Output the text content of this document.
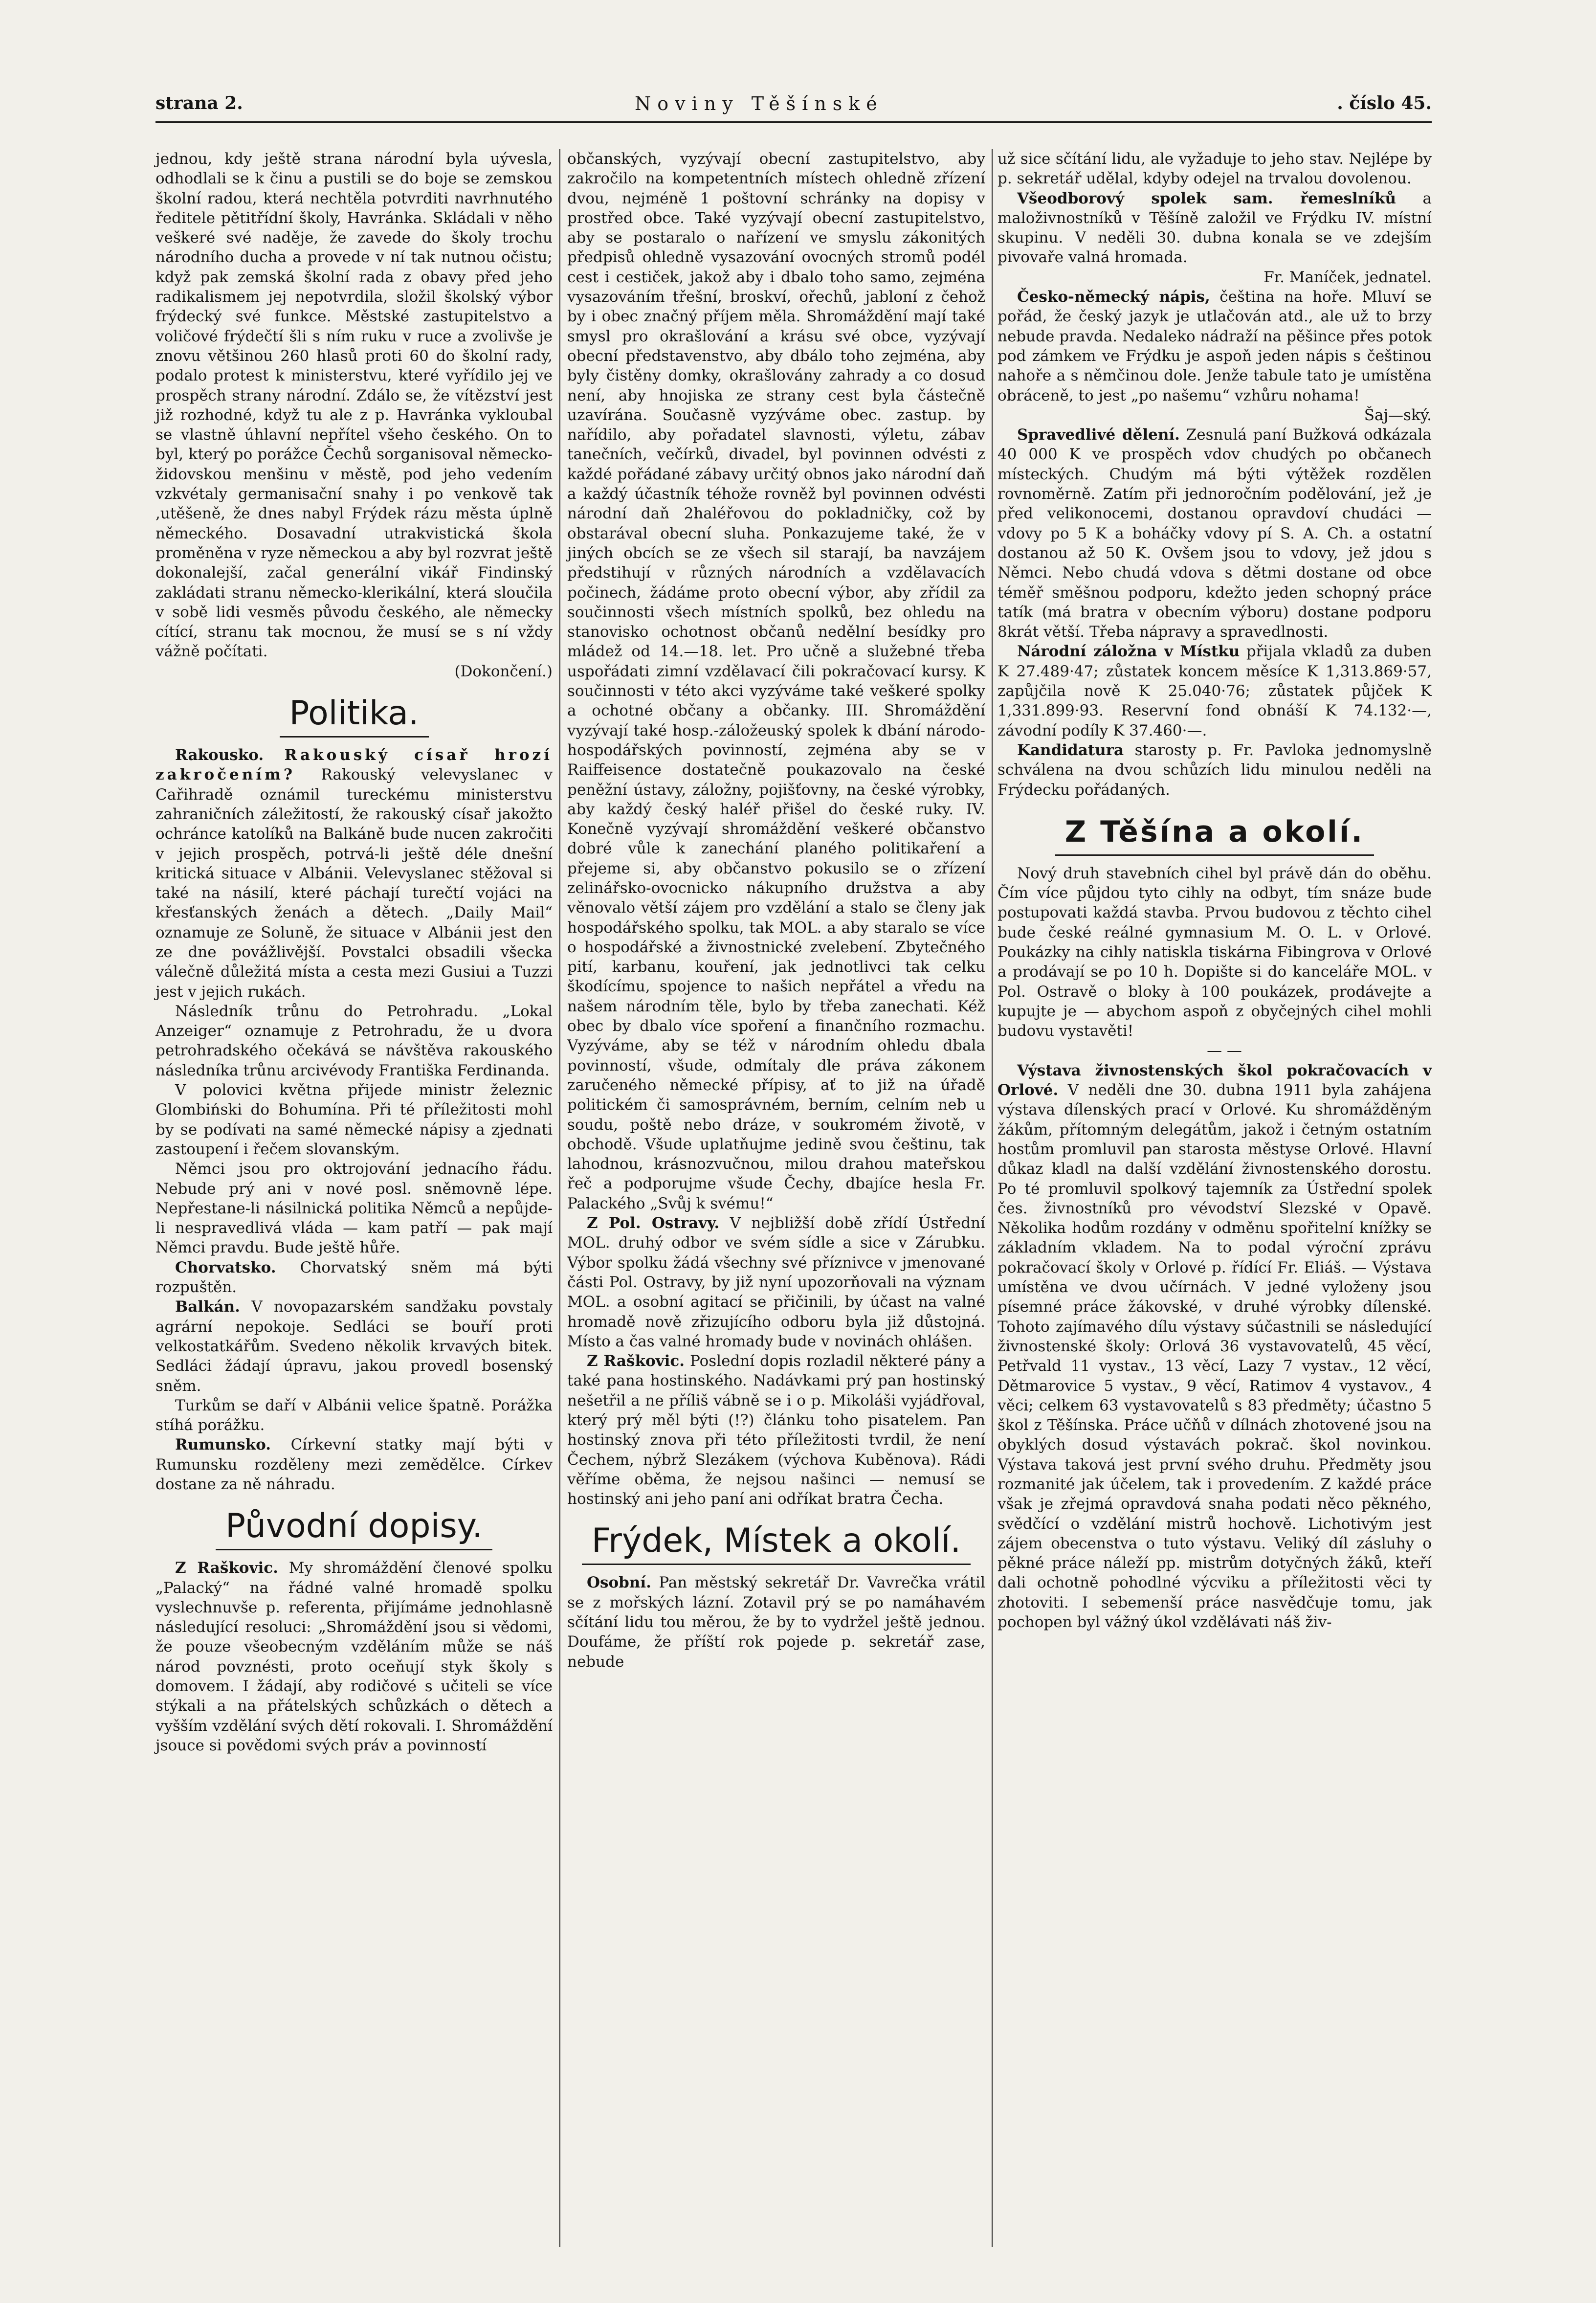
strana 2.	Noviny Těšínské	. číslo 45.

jednou, kdy ještě strana národní byla uývesla, odhodlali se k činu a pustili se do boje se zemskou školní radou, která nechtěla potvrditi navrhnutého ředitele pětitřídní školy, Havránka. Skládali v něho veškeré své naděje, že zavede do školy trochu národního ducha a provede v ní tak nutnou očistu; když pak zemská školní rada z obavy před jeho radikalismem jej nepotvrdila, složil školský výbor frýdecký své funkce. Městské zastupitelstvo a voličové frýdečtí šli s ním ruku v ruce a zvolivše je znovu většinou 260 hlasů proti 60 do školní rady, podalo protest k ministerstvu, které vyřídilo jej ve prospěch strany národní. Zdálo se, že vítězství jest již rozhodné, když tu ale z p. Havránka vykloubal se vlastně úhlavní nepřítel všeho českého. On to byl, který po porážce Čechů sorganisoval německo-židovskou menšinu v městě, pod jeho vedením vzkvétaly germanisační snahy i po venkově tak ,utěšeně, že dnes nabyl Frýdek rázu města úplně německého. Dosavadní utrakvistická škola proměněna v ryze německou a aby byl rozvrat ještě dokonalejší, začal generální vikář Findinský zakládati stranu německo-klerikální, která sloučila v sobě lidi vesměs původu českého, ale německy cítící, stranu tak mocnou, že musí se s ní vždy vážně počítati.

(Dokončení.)
Politika.

Rakousko. Rakouský císař hrozí zakročením? Rakouský velevyslanec v Cařihradě oznámil tureckému ministerstvu zahraničních záležitostí, že rakouský císař jakožto ochránce katolíků na Balkáně bude nucen zakročiti v jejich prospěch, potrvá-li ještě déle dnešní kritická situace v Albánii. Velevyslanec stěžoval si také na násilí, které páchají turečtí vojáci na křesťanských ženách a dětech. „Daily Mail“ oznamuje ze Soluně, že situace v Albánii jest den ze dne povážlivější. Povstalci obsadili všecka válečně důležitá místa a cesta mezi Gusiui a Tuzzi jest v jejich rukách.

Následník trůnu do Petrohradu. „Lokal Anzeiger“ oznamuje z Petrohradu, že u dvora petrohradského očekává se návštěva rakouského následníka trůnu arcivévody Františka Ferdinanda.

V polovici května přijede ministr železnic Glombiński do Bohumína. Při té příležitosti mohl by se podívati na samé německé nápisy a zjednati zastoupení i řečem slovanským.

Němci jsou pro oktrojování jednacího řádu. Nebude prý ani v nové posl. sněmovně lépe. Nepřestane-li násilnická politika Němců a nepůjde-li nespravedlivá vláda — kam patří — pak mají Němci pravdu. Bude ještě hůře.

Chorvatsko. Chorvatský sněm má býti rozpuštěn.

Balkán. V novopazarském sandžaku povstaly agrární nepokoje. Sedláci se bouří proti velkostatkářům. Svedeno několik krvavých bitek. Sedláci žádají úpravu, jakou provedl bosenský sněm.

Turkům se daří v Albánii velice špatně. Porážka stíhá porážku.

Rumunsko. Církevní statky mají býti v Rumunsku rozděleny mezi zemědělce. Církev dostane za ně náhradu.

Původní dopisy.

Z Raškovic. My shromáždění členové spolku „Palacký“ na řádné valné hromadě spolku vyslechnuvše p. referenta, přijímáme jednohlasně následující resoluci: „Shromáždění jsou si vědomi, že pouze všeobecným vzděláním může se náš národ povznésti, proto oceňují styk školy s domovem. I žádají, aby rodičové s učiteli se více stýkali a na přátelských schůzkách o dětech a vyšším vzdělání svých dětí rokovali. I. Shromáždění jsouce si povědomi svých práv a povinností

občanských, vyzývají obecní zastupitelstvo, aby zakročilo na kompetentních místech ohledně zřízení dvou, nejméně 1 poštovní schránky na dopisy v prostřed obce. Také vyzývají obecní zastupitelstvo, aby se postaralo o nařízení ve smyslu zákonitých předpisů ohledně vysazování ovocných stromů podél cest i cestiček, jakož aby i dbalo toho samo, zejména vysazováním třešní, broskví, ořechů, jabloní z čehož by i obec značný příjem měla. Shromáždění mají také smysl pro okrašlování a krásu své obce, vyzývají obecní představenstvo, aby dbálo toho zejména, aby byly čistěny domky, okrašlovány zahrady a co dosud není, aby hnojiska ze strany cest byla částečně uzavírána. Současně vyzýváme obec. zastup. by nařídilo, aby pořadatel slavnosti, výletu, zábav tanečních, večírků, divadel, byl povinnen odvésti z každé pořádané zábavy určitý obnos jako národní daň a každý účastník téhože rovněž byl povinnen odvésti národní daň 2haléřovou do pokladničky, což by obstarával obecní sluha. Ponkazujeme také, že v jiných obcích se ze všech sil starají, ba navzájem předstihují v různých národních a vzdělavacích počinech, žádáme proto obecní výbor, aby zřídil za součinnosti všech místních spolků, bez ohledu na stanovisko ochotnost občanů nedělní besídky pro mládež od 14.—18. let. Pro učně a služebné třeba uspořádati zimní vzdělavací čili pokračovací kursy. K součinnosti v této akci vyzýváme také veškeré spolky a ochotné občany a občanky. III. Shromáždění vyzývají také hosp.-záložeuský spolek k dbání národo-hospodářských povinností, zejména aby se v Raiffeisence dostatečně poukazovalo na české peněžní ústavy, záložny, pojišťovny, na české výrobky, aby každý český haléř přišel do české ruky. IV. Konečně vyzývají shromáždění veškeré občanstvo dobré vůle k zanechání planého politikaření a přejeme si, aby občanstvo pokusilo se o zřízení zelinářsko-ovocnicko nákupního družstva a aby věnovalo větší zájem pro vzdělání a stalo se členy jak hospodářského spolku, tak MOL. a aby staralo se více o hospodářské a živnostnické zvelebení. Zbytečného pití, karbanu, kouření, jak jednotlivci tak celku škodícímu, spojence to našich nepřátel a vředu na našem národním těle, bylo by třeba zanechati. Kéž obec by dbalo více spoření a finančního rozmachu. Vyzýváme, aby se též v národním ohledu dbala povinností, všude, odmítaly dle práva zákonem zaručeného německé přípisy, ať to již na úřadě politickém či samosprávném, berním, celním neb u soudu, poště nebo dráze, v soukromém životě, v obchodě. Všude uplatňujme jedině svou češtinu, tak lahodnou, krásnozvučnou, milou drahou mateřskou řeč a podporujme všude Čechy, dbajíce hesla Fr. Palackého „Svůj k svému!“

Z Pol. Ostravy. V nejbližší době zřídí Ústřední MOL. druhý odbor ve svém sídle a sice v Zárubku. Výbor spolku žádá všechny své příznivce v jmenované části Pol. Ostravy, by již nyní upozorňovali na význam MOL. a osobní agitací se přičinili, by účast na valné hromadě nově zřizujícího odboru byla již důstojná. Místo a čas valné hromady bude v novinách ohlášen.

Z Raškovic. Poslední dopis rozladil některé pány a také pana hostinského. Nadávkami prý pan hostinský nešetřil a ne příliš vábně se i o p. Mikoláši vyjádřoval, který prý měl býti (!?) článku toho pisatelem. Pan hostinský znova při této příležitosti tvrdil, že není Čechem, nýbrž Slezákem (výchova Kuběnova). Rádi věříme oběma, že nejsou našinci — nemusí se hostinský ani jeho paní ani odříkat bratra Čecha.

Frýdek, Místek a okolí.

Osobní. Pan městský sekretář Dr. Vavrečka vrátil se z mořských lázní. Zotavil prý se po namáhavém sčítání lidu tou měrou, že by to vydržel ještě jednou. Doufáme, že příští rok pojede p. sekretář zase, nebude

už sice sčítání lidu, ale vyžaduje to jeho stav. Nejlépe by p. sekretář udělal, kdyby odejel na trvalou dovolenou.

Všeodborový spolek sam. řemeslníků a maloživnostníků v Těšíně založil ve Frýdku IV. místní skupinu. V neděli 30. dubna konala se ve zdejším pivovaře valná hromada.

Fr. Maníček, jednatel.

Česko-německý nápis, čeština na hoře. Mluví se pořád, že český jazyk je utlačován atd., ale už to brzy nebude pravda. Nedaleko nádraží na pěšince přes potok pod zámkem ve Frýdku je aspoň jeden nápis s češtinou nahoře a s němčinou dole. Jenže tabule tato je umístěna obráceně, to jest „po našemu“ vzhůru nohama!

Šaj—ský.

Spravedlivé dělení. Zesnulá paní Bužková odkázala 40 000 K ve prospěch vdov chudých po občanech místeckých. Chudým má býti výtěžek rozdělen rovnoměrně. Zatím při jednoročním podělování, jež ,je před velikonocemi, dostanou opravdoví chudáci — vdovy po 5 K a boháčky vdovy pí S. A. Ch. a ostatní dostanou až 50 K. Ovšem jsou to vdovy, jež jdou s Němci. Nebo chudá vdova s dětmi dostane od obce téměř směšnou podporu, kdežto jeden schopný práce tatík (má bratra v obecním výboru) dostane podporu 8krát větší. Třeba nápravy a spravedlnosti.

Národní záložna v Místku přijala vkladů za duben K 27.489·47; zůstatek koncem měsíce K 1,313.869·57, zapůjčila nově K 25.040·76; zůstatek půjček K 1,331.899·93. Reservní fond obnáší K 74.132·—, závodní podíly K 37.460·—.

Kandidatura starosty p. Fr. Pavloka jednomyslně schválena na dvou schůzích lidu minulou neděli na Frýdecku pořádaných.

Z Těšína a okolí.

Nový druh stavebních cihel byl právě dán do oběhu. Čím více půjdou tyto cihly na odbyt, tím snáze bude postupovati každá stavba. Prvou budovou z těchto cihel bude české reálné gymnasium M. O. L. v Orlové. Poukázky na cihly natiskla tiskárna Fibingrova v Orlové a prodávají se po 10 h. Dopište si do kanceláře MOL. v Pol. Ostravě o bloky à 100 poukázek, prodávejte a kupujte je — abychom aspoň z obyčejných cihel mohli budovu vystavěti!

— —

Výstava živnostenských škol pokračovacích v Orlové. V neděli dne 30. dubna 1911 byla zahájena výstava dílenských prací v Orlové. Ku shromážděným žákům, přítomným delegátům, jakož i četným ostatním hostům promluvil pan starosta městyse Orlové. Hlavní důkaz kladl na další vzdělání živnostenského dorostu. Po té promluvil spolkový tajemník za Ústřední spolek čes. živnostníků pro vévodství Slezské v Opavě. Několika hodům rozdány v odměnu spořitelní knížky se základním vkladem. Na to podal výroční zprávu pokračovací školy v Orlové p. řídící Fr. Eliáš. — Výstava umístěna ve dvou učírnách. V jedné vyloženy jsou písemné práce žákovské, v druhé výrobky dílenské. Tohoto zajímavého dílu výstavy súčastnili se následující živnostenské školy: Orlová 36 vystavovatelů, 45 věcí, Petřvald 11 vystav., 13 věcí, Lazy 7 vystav., 12 věcí, Dětmarovice 5 vystav., 9 věcí, Ratimov 4 vystavov., 4 věci; celkem 63 vystavovatelů s 83 předměty; účastno 5 škol z Těšínska. Práce učňů v dílnách zhotovené jsou na obyklých dosud výstavách pokrač. škol novinkou. Výstava taková jest první svého druhu. Předměty jsou rozmanité jak účelem, tak i provedením. Z každé práce však je zřejmá opravdová snaha podati něco pěkného, svědčící o vzdělání mistrů hochově. Lichotivým jest zájem obecenstva o tuto výstavu. Veliký díl zásluhy o pěkné práce náleží pp. mistrům dotyčných žáků, kteří dali ochotně pohodlné výcviku a příležitosti věci ty zhotoviti. I sebemenší práce nasvědčuje tomu, jak pochopen byl vážný úkol vzdělávati náš živ-
